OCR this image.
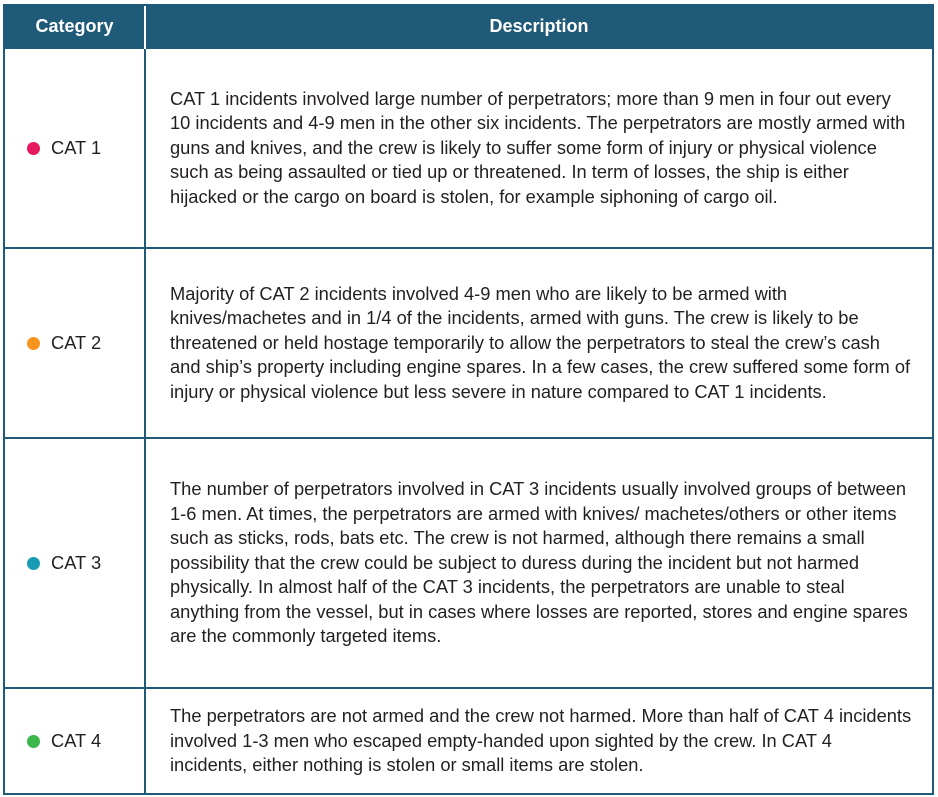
Category	Description

CAT 1	CAT 1 incidents involved large number of perpetrators; more than 9 men in four out every 10 incidents and 4-9 men in the other six incidents. The perpetrators are mostly armed with guns and knives, and the crew is likely to suffer some form of injury or physical violence such as being assaulted or tied up or threatened. In term of losses, the ship is either hijacked or the cargo on board is stolen, for example siphoning of cargo oil.

CAT 2	Majority of CAT 2 incidents involved 4-9 men who are likely to be armed with knives/machetes and in 1/4 of the incidents, armed with guns. The crew is likely to be threatened or held hostage temporarily to allow the perpetrators to steal the crew’s cash and ship’s property including engine spares. In a few cases, the crew suffered some form of injury or physical violence but less severe in nature compared to CAT 1 incidents.

CAT 3	The number of perpetrators involved in CAT 3 incidents usually involved groups of between 1-6 men. At times, the perpetrators are armed with knives/ machetes/others or other items such as sticks, rods, bats etc. The crew is not harmed, although there remains a small possibility that the crew could be subject to duress during the incident but not harmed physically. In almost half of the CAT 3 incidents, the perpetrators are unable to steal anything from the vessel, but in cases where losses are reported, stores and engine spares are the commonly targeted items.

CAT 4	The perpetrators are not armed and the crew not harmed. More than half of CAT 4 incidents involved 1-3 men who escaped empty-handed upon sighted by the crew. In CAT 4 incidents, either nothing is stolen or small items are stolen.
